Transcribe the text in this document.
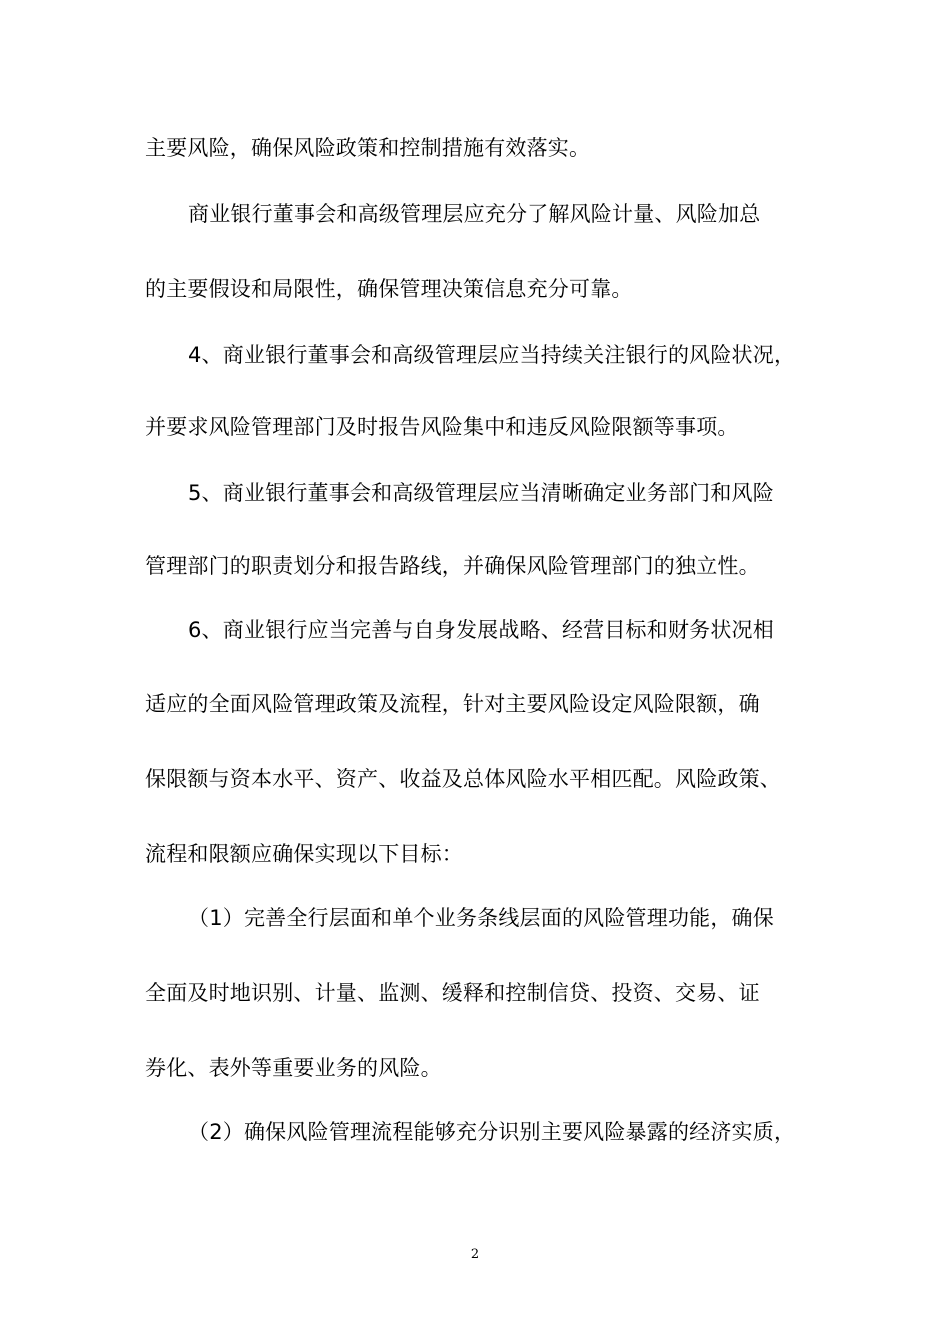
主要风险，确保风险政策和控制措施有效落实。
商业银行董事会和高级管理层应充分了解风险计量、风险加总
的主要假设和局限性，确保管理决策信息充分可靠。
4、商业银行董事会和高级管理层应当持续关注银行的风险状况，
并要求风险管理部门及时报告风险集中和违反风险限额等事项。
5、商业银行董事会和高级管理层应当清晰确定业务部门和风险
管理部门的职责划分和报告路线，并确保风险管理部门的独立性。
6、商业银行应当完善与自身发展战略、经营目标和财务状况相
适应的全面风险管理政策及流程，针对主要风险设定风险限额，确
保限额与资本水平、资产、收益及总体风险水平相匹配。风险政策、
流程和限额应确保实现以下目标：
（1）完善全行层面和单个业务条线层面的风险管理功能，确保
全面及时地识别、计量、监测、缓释和控制信贷、投资、交易、证
券化、表外等重要业务的风险。
（2）确保风险管理流程能够充分识别主要风险暴露的经济实质，
2
